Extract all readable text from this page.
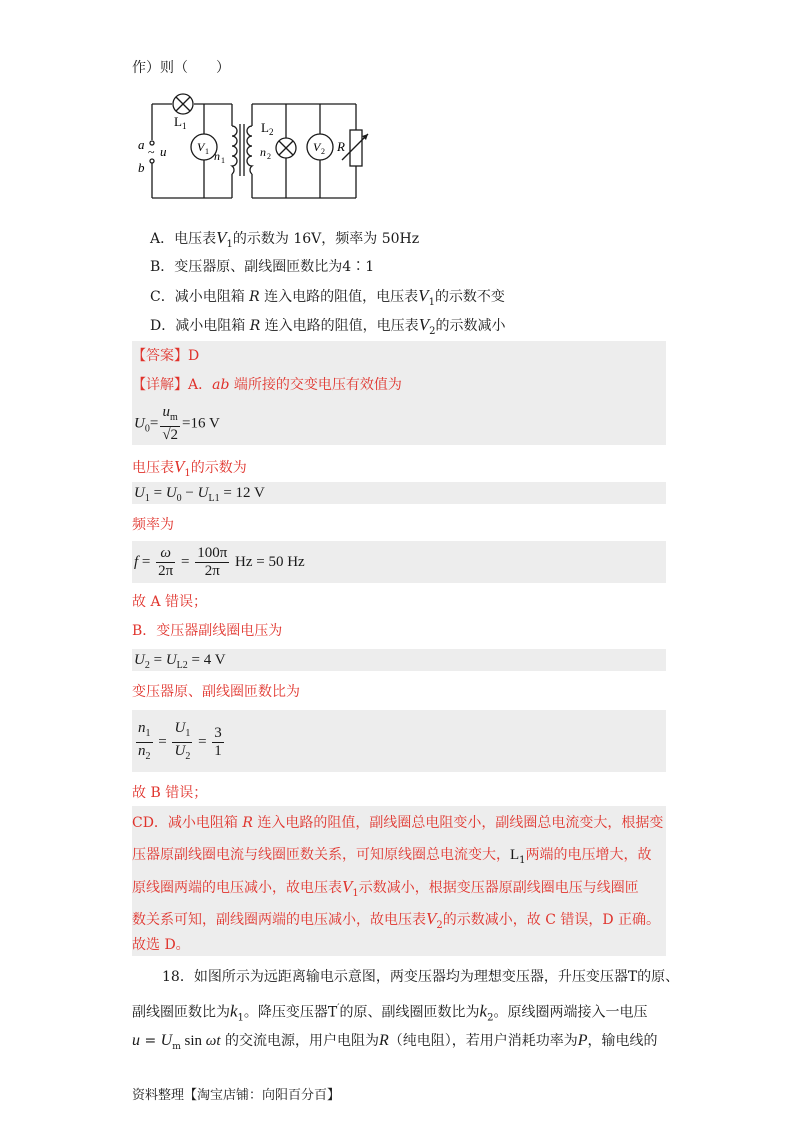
作）则（　　）
a ~ u
b
L 1
V 1 n 1
n 2
L 2
V 2 R
A．电压表$V_1$的示数为 16V，频率为 50Hz
B．变压器原、副线圈匝数比为4∶1
C．减小电阻箱 R 连入电路的阻值，电压表$V_1$的示数不变
D．减小电阻箱 R 连入电路的阻值，电压表$V_2$的示数减小
【答案】D
【详解】A．ab 端所接的交变电压有效值为
$U_0= \frac{u_m}{√2} =16$ V
电压表$V_1$的示数为
$U_1 = U_0 - U_{L1} = 12$ V
频率为
$f = \frac{\omega}{2\pi} = \frac{100\pi}{2\pi}$ Hz = 50 Hz
故 A 错误；
B．变压器副线圈电压为
$U_2 = U_{L2} = 4$ V
变压器原、副线圈匝数比为
$\frac{n_1}{n_2} = \frac{U_1}{U_2} = \frac{3}{1}$
故 B 错误；
CD．减小电阻箱 R 连入电路的阻值，副线圈总电阻变小，副线圈总电流变大，根据变
压器原副线圈电流与线圈匝数关系，可知原线圈总电流变大，$L_1$两端的电压增大，故
原线圈两端的电压减小，故电压表$V_1$示数减小，根据变压器原副线圈电压与线圈匝
数关系可知，副线圈两端的电压减小，故电压表$V_2$的示数减小，故 C 错误，D 正确。
故选 D。
18．如图所示为远距离输电示意图，两变压器均为理想变压器，升压变压器T的原、
副线圈匝数比为$k_1$。降压变压器T′的原、副线圈匝数比为$k_2$。原线圈两端接入一电压
$u = U_m$ sin ωt 的交流电源，用户电阻为R（纯电阻），若用户消耗功率为P，输电线的
资料整理【淘宝店铺：向阳百分百】
